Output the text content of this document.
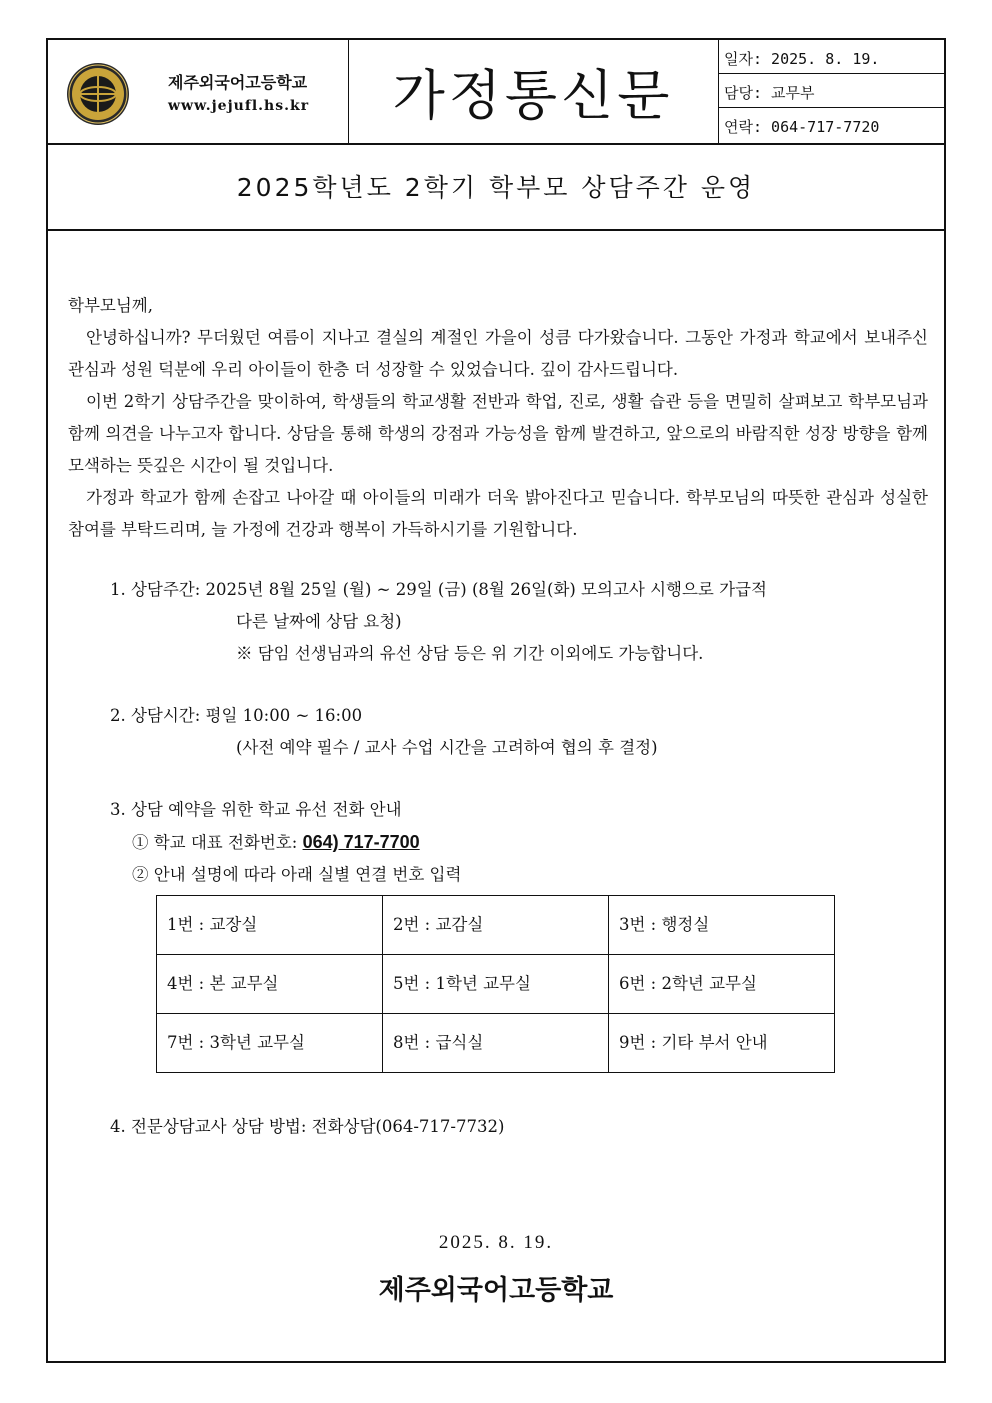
제주외국어고등학교
www.jejufl.hs.kr 가정통신문
일자: 2025. 8. 19.
담당: 교무부
연락: 064-717-7720
2025학년도 2학기 학부모 상담주간 운영
학부모님께,
안녕하십니까? 무더웠던 여름이 지나고 결실의 계절인 가을이 성큼 다가왔습니다. 그동안 가정과 학교에서 보내주신 관심과 성원 덕분에 우리 아이들이 한층 더 성장할 수 있었습니다. 깊이 감사드립니다.
이번 2학기 상담주간을 맞이하여, 학생들의 학교생활 전반과 학업, 진로, 생활 습관 등을 면밀히 살펴보고 학부모님과 함께 의견을 나누고자 합니다. 상담을 통해 학생의 강점과 가능성을 함께 발견하고, 앞으로의 바람직한 성장 방향을 함께 모색하는 뜻깊은 시간이 될 것입니다.
가정과 학교가 함께 손잡고 나아갈 때 아이들의 미래가 더욱 밝아진다고 믿습니다. 학부모님의 따뜻한 관심과 성실한 참여를 부탁드리며, 늘 가정에 건강과 행복이 가득하시기를 기원합니다.
1. 상담주간: 2025년 8월 25일 (월) ~ 29일 (금) (8월 26일(화) 모의고사 시행으로 가급적
다른 날짜에 상담 요청)
※ 담임 선생님과의 유선 상담 등은 위 기간 이외에도 가능합니다.
2. 상담시간: 평일 10:00 ~ 16:00
(사전 예약 필수 / 교사 수업 시간을 고려하여 협의 후 결정)
3. 상담 예약을 위한 학교 유선 전화 안내
① 학교 대표 전화번호: 064) 717-7700
② 안내 설명에 따라 아래 실별 연결 번호 입력
1번 : 교장실	2번 : 교감실	3번 : 행정실
4번 : 본 교무실	5번 : 1학년 교무실	6번 : 2학년 교무실
7번 : 3학년 교무실	8번 : 급식실	9번 : 기타 부서 안내
4. 전문상담교사 상담 방법: 전화상담(064-717-7732)
2025. 8. 19.
제주외국어고등학교
